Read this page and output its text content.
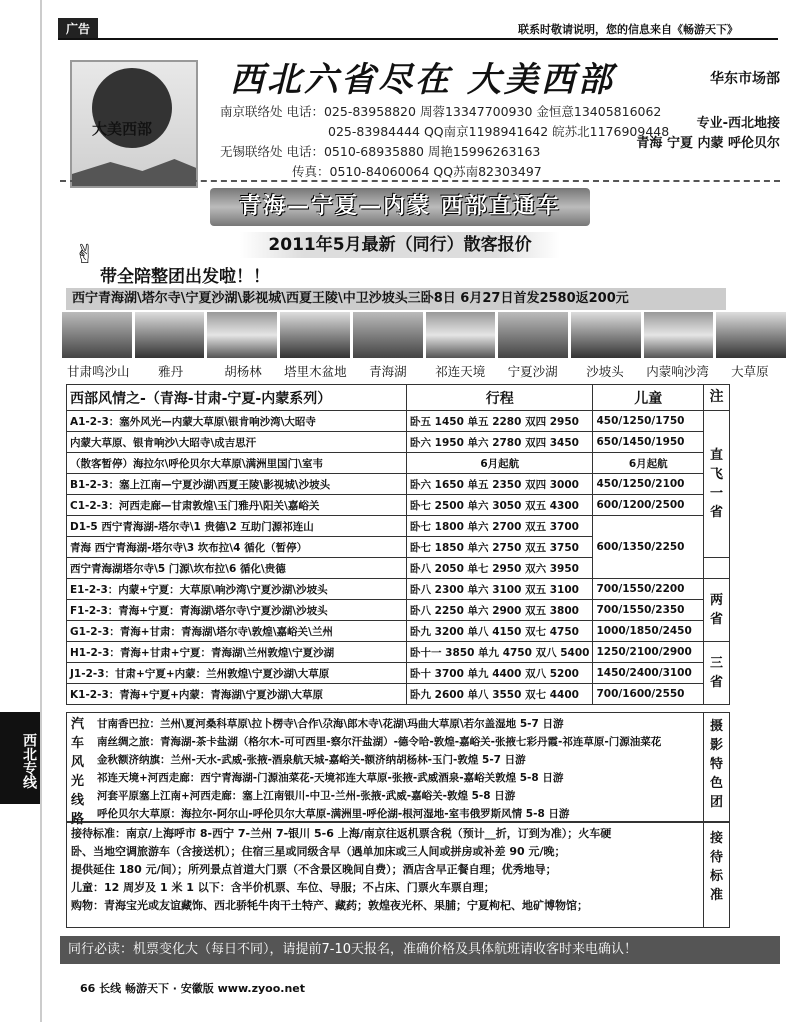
广告	联系时敬请说明，您的信息来自《畅游天下》
大美西部
西北六省尽在 大美西部	华东市场部
南京联络处 电话：025-83958820 周蓉13347700930 金恒意13405816062
025-83984444 QQ南京1198941642 皖苏北1176909448
无锡联络处 电话：0510-68935880 周艳15996263163
传真：0510-84060064 QQ苏南82303497
专业-西北地接
青海 宁夏 内蒙 呼伦贝尔
青海—宁夏—内蒙 西部直通车
2011年5月最新（同行）散客报价
✌
带全陪整团出发啦！！
西宁青海湖\塔尔寺\宁夏沙湖\影视城\西夏王陵\中卫沙坡头三卧8日 6月27日首发2580返200元
甘肃鸣沙山	雅丹	胡杨林	塔里木盆地	青海湖	祁连天境	宁夏沙湖	沙坡头	内蒙响沙湾	大草原
西部风情之-（青海-甘肃-宁夏-内蒙系列）	行程	儿童	注
A1-2-3：塞外风光—内蒙大草原\银肯响沙湾\大昭寺	卧五 1450 单五 2280 双四 2950	450/1250/1750	直飞一省
内蒙大草原、银肯响沙\大昭寺\成吉思汗	卧六 1950 单六 2780 双四 3450	650/1450/1950	
（散客暂停）海拉尔\呼伦贝尔大草原\满洲里国门\室韦	6月起航	6月起航	
B1-2-3：塞上江南—宁夏沙湖\西夏王陵\影视城\沙坡头	卧六 1650 单五 2350 双四 3000	450/1250/2100	
C1-2-3：河西走廊—甘肃敦煌\玉门雅丹\阳关\嘉峪关	卧七 2500 单六 3050 双五 4300	600/1200/2500	
D1-5 西宁青海湖-塔尔寺\1 贵德\2 互助门源祁连山	卧七 1800 单六 2700 双五 3700	600/1350/2250	
青海 西宁青海湖-塔尔寺\3 坎布拉\4 循化（暂停）	卧七 1850 单六 2750 双五 3750		
西宁青海湖塔尔寺\5 门源\坎布拉\6 循化\贵德	卧八 2050 单七 2950 双六 3950		
E1-2-3：内蒙+宁夏：大草原\响沙湾\宁夏沙湖\沙坡头	卧八 2300 单六 3100 双五 3100	700/1550/2200	两省
F1-2-3：青海+宁夏：青海湖\塔尔寺\宁夏沙湖\沙坡头	卧八 2250 单六 2900 双五 3800	700/1550/2350	
G1-2-3：青海+甘肃：青海湖\塔尔寺\敦煌\嘉峪关\兰州	卧九 3200 单八 4150 双七 4750	1000/1850/2450	
H1-2-3：青海+甘肃+宁夏：青海湖\兰州敦煌\宁夏沙湖	卧十一 3850 单九 4750 双八 5400	1250/2100/2900	三省
J1-2-3：甘肃+宁夏+内蒙：兰州敦煌\宁夏沙湖\大草原	卧十 3700 单九 4400 双八 5200	1450/2400/3100	
K1-2-3：青海+宁夏+内蒙：青海湖\宁夏沙湖\大草原	卧九 2600 单八 3550 双七 4400	700/1600/2550	
汽车风光线路
甘南香巴拉：兰州\夏河桑科草原\拉卜楞寺\合作\尕海\郎木寺\花湖\玛曲大草原\若尔盖湿地 5-7 日游
南丝绸之旅：青海湖-茶卡盐湖（格尔木-可可西里-察尔汗盐湖）-德令哈-敦煌-嘉峪关-张掖七彩丹霞-祁连草原-门源油菜花
金秋额济纳旗：兰州-天水-武威-张掖-酒泉航天城-嘉峪关-额济纳胡杨林-玉门-敦煌 5-7 日游
祁连天境+河西走廊：西宁青海湖-门源油菜花-天境祁连大草原-张掖-武威酒泉-嘉峪关敦煌 5-8 日游
河套平原塞上江南+河西走廊：塞上江南银川-中卫-兰州-张掖-武威-嘉峪关-敦煌 5-8 日游
呼伦贝尔大草原：海拉尔-阿尔山-呼伦贝尔大草原-满洲里-呼伦湖-根河湿地-室韦俄罗斯风情 5-8 日游
摄影特色团
接待标准：南京/上海呼市 8-西宁 7-兰州 7-银川 5-6 上海/南京往返机票含税（预计__折，订到为准）；火车硬
卧、当地空调旅游车（含接送机）；住宿三星或同级含早（遇单加床或三人间或拼房或补差 90 元/晚；
提供延住 180 元/间）；所列景点首道大门票（不含景区晚间自费）；酒店含早正餐自理；优秀地导；
儿童：12 周岁及 1 米 1 以下：含半价机票、车位、导服；不占床、门票火车票自理；
购物：青海宝光或友谊藏饰、西北骄牦牛肉干土特产、藏药；敦煌夜光杯、果脯；宁夏枸杞、地矿博物馆；
接待标准
同行必读：机票变化大（每日不同），请提前7-10天报名，准确价格及具体航班请收客时来电确认！
66 长线 畅游天下 · 安徽版 www.zyoo.net
西北专线
